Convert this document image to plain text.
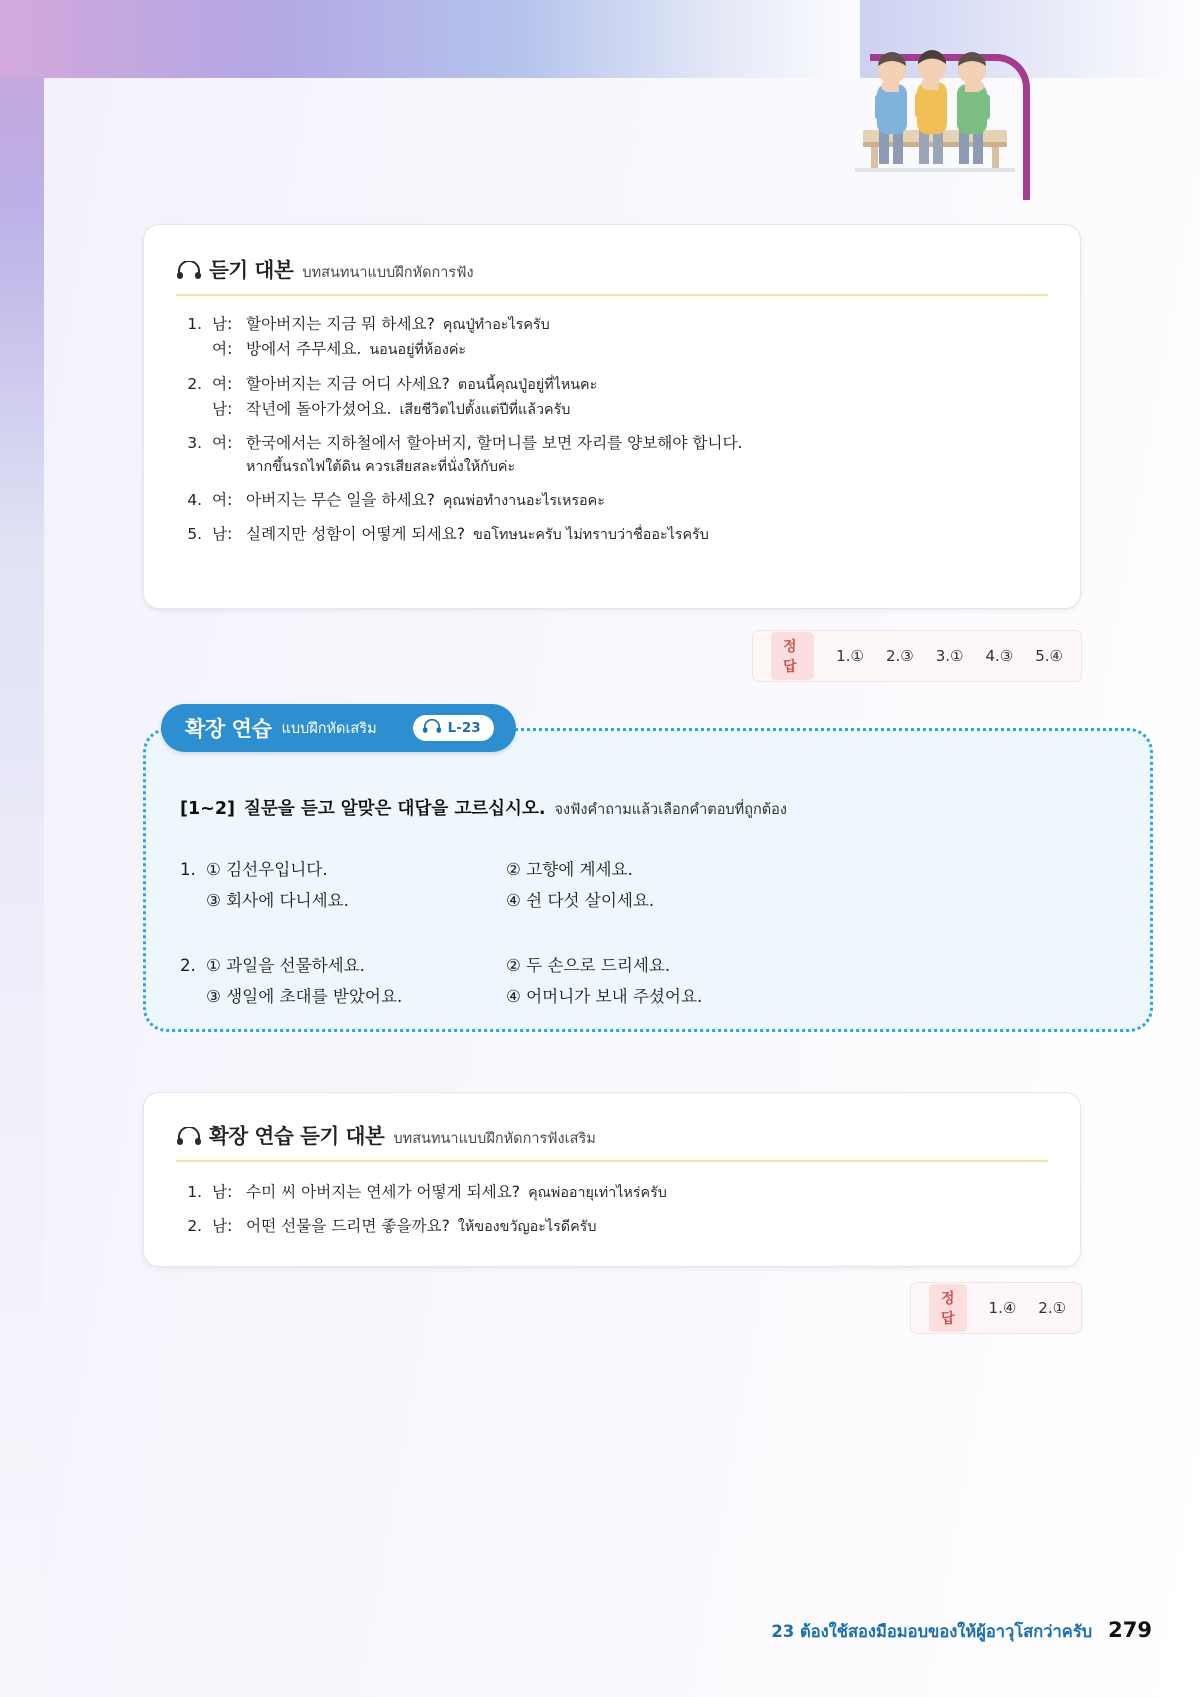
듣기 대본 บทสนทนาแบบฝึกหัดการฟัง
1. 남: 할아버지는 지금 뭐 하세요? คุณปู่ทำอะไรครับ
여: 방에서 주무세요. นอนอยู่ที่ห้องค่ะ
2. 여: 할아버지는 지금 어디 사세요? ตอนนี้คุณปู่อยู่ที่ไหนคะ
남: 작년에 돌아가셨어요. เสียชีวิตไปตั้งแต่ปีที่แล้วครับ
3. 여: 한국에서는 지하철에서 할아버지, 할머니를 보면 자리를 양보해야 합니다.
หากขึ้นรถไฟใต้ดิน ควรเสียสละที่นั่งให้กับค่ะ
4. 여: 아버지는 무슨 일을 하세요? คุณพ่อทำงานอะไรเหรอคะ
5. 남: 실례지만 성함이 어떻게 되세요? ขอโทษนะครับ ไม่ทราบว่าชื่ออะไรครับ
정답
1.① 2.③ 3.① 4.③ 5.④
[1~2] 질문을 듣고 알맞은 대답을 고르십시오. จงฟังคำถามแล้วเลือกคำตอบที่ถูกต้อง
1. ① 김선우입니다.	② 고향에 계세요.
③ 회사에 다니세요.	④ 쉰 다섯 살이세요.
2. ① 과일을 선물하세요.	② 두 손으로 드리세요.
③ 생일에 초대를 받았어요.	④ 어머니가 보내 주셨어요.
확장 연습 แบบฝึกหัดเสริม	L-23
확장 연습 듣기 대본 บทสนทนาแบบฝึกหัดการฟังเสริม
1. 남: 수미 씨 아버지는 연세가 어떻게 되세요? คุณพ่ออายุเท่าไหร่ครับ
2. 남: 어떤 선물을 드리면 좋을까요? ให้ของขวัญอะไรดีครับ
정답
1.④ 2.①
23 ต้องใช้สองมือมอบของให้ผู้อาวุโสกว่าครับ 279
